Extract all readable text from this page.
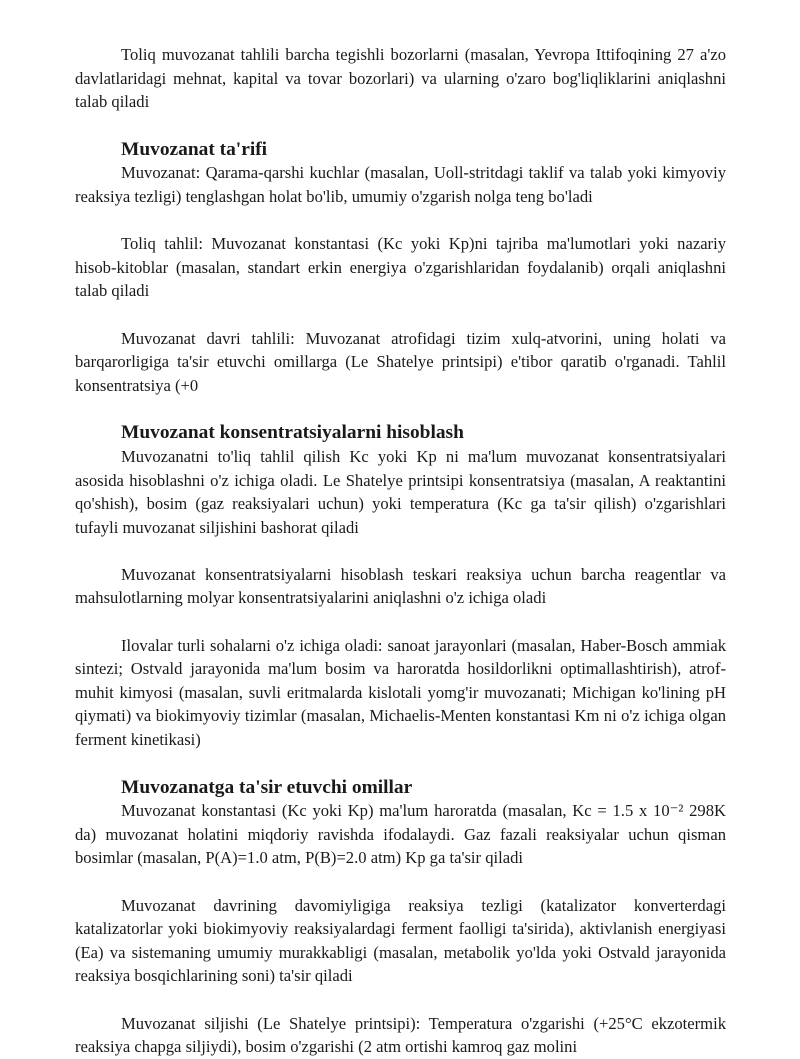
Toliq muvozanat tahlili barcha tegishli bozorlarni (masalan, Yevropa Ittifoqining 27 a'zo davlatlaridagi mehnat, kapital va tovar bozorlari) va ularning o'zaro bog'liqliklarini aniqlashni talab qiladi

Muvozanat ta'rifi

Muvozanat: Qarama-qarshi kuchlar (masalan, Uoll-stritdagi taklif va talab yoki kimyoviy reaksiya tezligi) tenglashgan holat bo'lib, umumiy o'zgarish nolga teng bo'ladi

Toliq tahlil: Muvozanat konstantasi (Kc yoki Kp)ni tajriba ma'lumotlari yoki nazariy hisob-kitoblar (masalan, standart erkin energiya o'zgarishlaridan foydalanib) orqali aniqlashni talab qiladi

Muvozanat davri tahlili: Muvozanat atrofidagi tizim xulq-atvorini, uning holati va barqarorligiga ta'sir etuvchi omillarga (Le Shatelye printsipi) e'tibor qaratib o'rganadi. Tahlil konsentratsiya (+0

Muvozanat konsentratsiyalarni hisoblash

Muvozanatni to'liq tahlil qilish Kc yoki Kp ni ma'lum muvozanat konsentratsiyalari asosida hisoblashni o'z ichiga oladi. Le Shatelye printsipi konsentratsiya (masalan, A reaktantini qo'shish), bosim (gaz reaksiyalari uchun) yoki temperatura (Kc ga ta'sir qilish) o'zgarishlari tufayli muvozanat siljishini bashorat qiladi

Muvozanat konsentratsiyalarni hisoblash teskari reaksiya uchun barcha reagentlar va mahsulotlarning molyar konsentratsiyalarini aniqlashni o'z ichiga oladi

Ilovalar turli sohalarni o'z ichiga oladi: sanoat jarayonlari (masalan, Haber-Bosch ammiak sintezi; Ostvald jarayonida ma'lum bosim va haroratda hosildorlikni optimallashtirish), atrof-muhit kimyosi (masalan, suvli eritmalarda kislotali yomg'ir muvozanati; Michigan ko'lining pH qiymati) va biokimyoviy tizimlar (masalan, Michaelis-Menten konstantasi Km ni o'z ichiga olgan ferment kinetikasi)

Muvozanatga ta'sir etuvchi omillar

Muvozanat konstantasi (Kc yoki Kp) ma'lum haroratda (masalan, Kc = 1.5 x 10⁻² 298K da) muvozanat holatini miqdoriy ravishda ifodalaydi. Gaz fazali reaksiyalar uchun qisman bosimlar (masalan, P(A)=1.0 atm, P(B)=2.0 atm) Kp ga ta'sir qiladi

Muvozanat davrining davomiyligiga reaksiya tezligi (katalizator konverterdagi katalizatorlar yoki biokimyoviy reaksiyalardagi ferment faolligi ta'sirida), aktivlanish energiyasi (Ea) va sistemaning umumiy murakkabligi (masalan, metabolik yo'lda yoki Ostvald jarayonida reaksiya bosqichlarining soni) ta'sir qiladi

Muvozanat siljishi (Le Shatelye printsipi): Temperatura o'zgarishi (+25°C ekzotermik reaksiya chapga siljiydi), bosim o'zgarishi (2 atm ortishi kamroq gaz molini
